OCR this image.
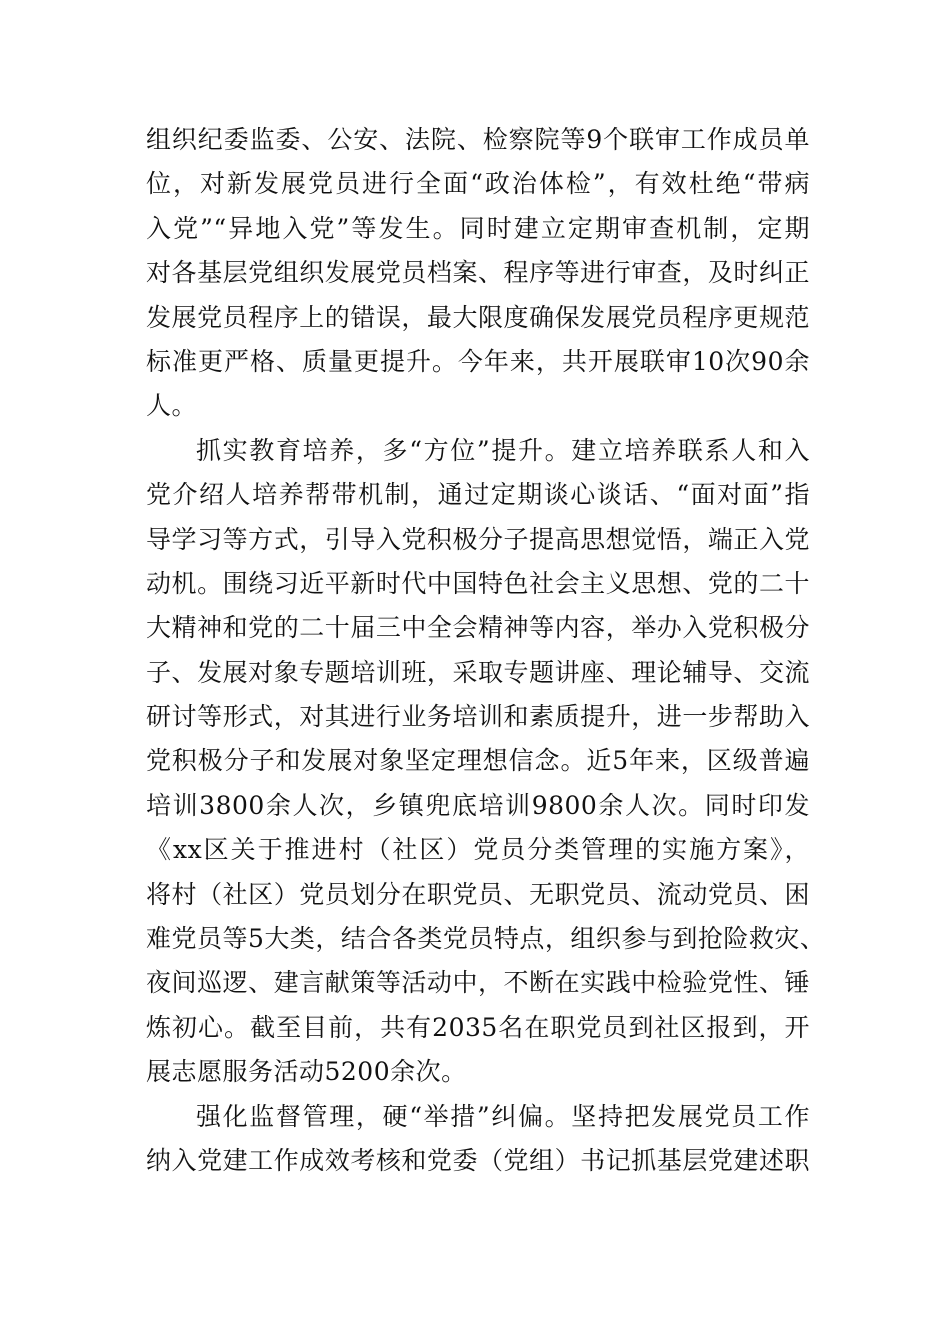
组织纪委监委、公安、法院、检察院等9个联审工作成员单
位，对新发展党员进行全面“政治体检”，有效杜绝“带病
入党”“异地入党”等发生。同时建立定期审查机制，定期
对各基层党组织发展党员档案、程序等进行审查，及时纠正
发展党员程序上的错误，最大限度确保发展党员程序更规范
标准更严格、质量更提升。今年来，共开展联审10次90余
人。
抓实教育培养，多“方位”提升。建立培养联系人和入
党介绍人培养帮带机制，通过定期谈心谈话、“面对面”指
导学习等方式，引导入党积极分子提高思想觉悟，端正入党
动机。围绕习近平新时代中国特色社会主义思想、党的二十
大精神和党的二十届三中全会精神等内容，举办入党积极分
子、发展对象专题培训班，采取专题讲座、理论辅导、交流
研讨等形式，对其进行业务培训和素质提升，进一步帮助入
党积极分子和发展对象坚定理想信念。近5年来，区级普遍
培训3800余人次，乡镇兜底培训9800余人次。同时印发
《xx区关于推进村（社区）党员分类管理的实施方案》，
将村（社区）党员划分在职党员、无职党员、流动党员、困
难党员等5大类，结合各类党员特点，组织参与到抢险救灾、
夜间巡逻、建言献策等活动中，不断在实践中检验党性、锤
炼初心。截至目前，共有2035名在职党员到社区报到，开
展志愿服务活动5200余次。
强化监督管理，硬“举措”纠偏。坚持把发展党员工作
纳入党建工作成效考核和党委（党组）书记抓基层党建述职
